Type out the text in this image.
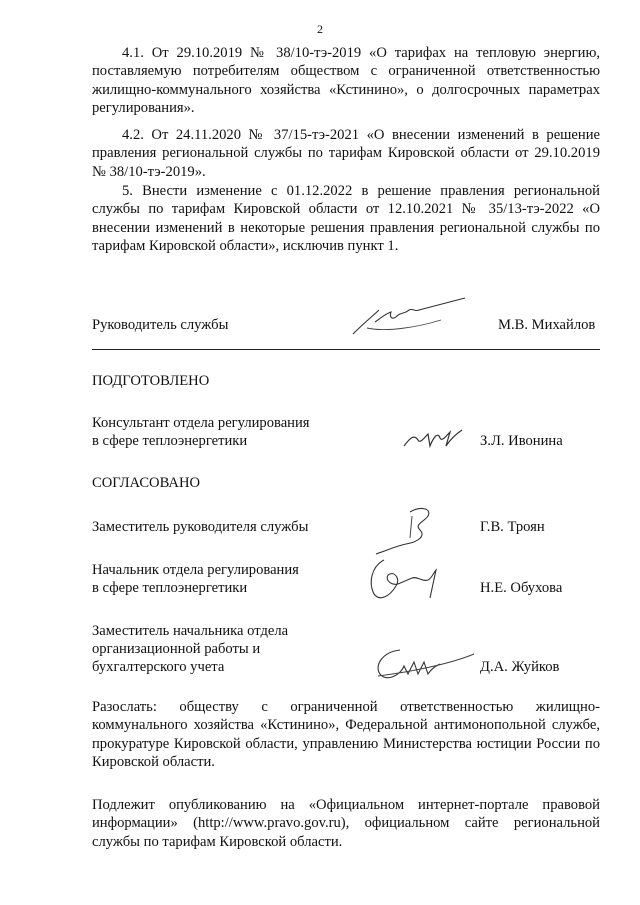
2
4.1. От 29.10.2019 № 38/10-тэ-2019 «О тарифах на тепловую энергию, поставляемую потребителям обществом с ограниченной ответственностью жилищно-коммунального хозяйства «Кстинино», о долгосрочных параметрах регулирования».
4.2. От 24.11.2020 № 37/15-тэ-2021 «О внесении изменений в решение правления региональной службы по тарифам Кировской области от 29.10.2019 № 38/10-тэ-2019».
5. Внести изменение с 01.12.2022 в решение правления региональной службы по тарифам Кировской области от 12.10.2021 № 35/13-тэ-2022 «О внесении изменений в некоторые решения правления региональной службы по тарифам Кировской области», исключив пункт 1.
Руководитель службы	М.В. Михайлов
ПОДГОТОВЛЕНО
Консультант отдела регулирования
в сфере теплоэнергетики	З.Л. Ивонина
СОГЛАСОВАНО
Заместитель руководителя службы	Г.В. Троян
Начальник отдела регулирования
в сфере теплоэнергетики	Н.Е. Обухова
Заместитель начальника отдела
организационной работы и
бухгалтерского учета	Д.А. Жуйков
Разослать: обществу с ограниченной ответственностью жилищно-коммунального хозяйства «Кстинино», Федеральной антимонопольной службе, прокуратуре Кировской области, управлению Министерства юстиции России по Кировской области.
Подлежит опубликованию на «Официальном интернет-портале правовой информации» (http://www.pravo.gov.ru), официальном сайте региональной службы по тарифам Кировской области.
